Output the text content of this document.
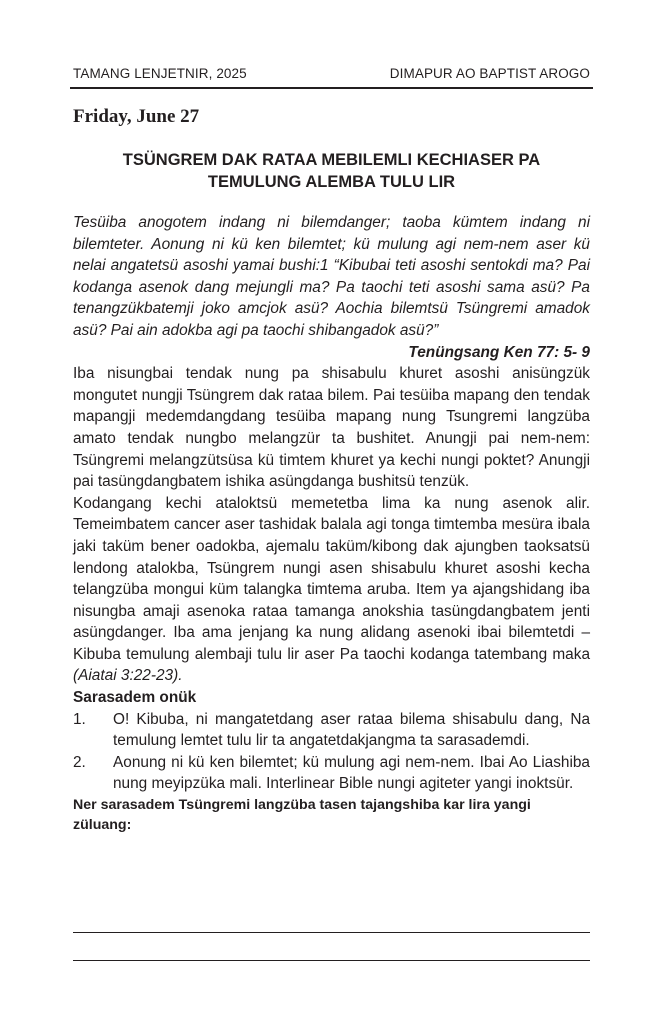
TAMANG LENJETNIR, 2025	DIMAPUR AO BAPTIST AROGO
Friday, June 27
TSÜNGREM DAK RATAA MEBILEMLI KECHIASER PA
TEMULUNG ALEMBA TULU LIR

Tesüiba anogotem indang ni bilemdanger; taoba kümtem indang ni bilemteter. Aonung ni kü ken bilemtet; kü mulung agi nem-nem aser kü nelai angatetsü asoshi yamai bushi:1 “Kibubai teti asoshi sentokdi ma? Pai kodanga asenok dang mejungli ma? Pa taochi teti asoshi sama asü? Pa tenangzükbatemji joko amcjok asü? Aochia bilemtsü Tsüngremi amadok asü? Pai ain adokba agi pa taochi shibangadok asü?”

Tenüngsang Ken 77: 5- 9

Iba nisungbai tendak nung pa shisabulu khuret asoshi anisüngzük mongutet nungji Tsüngrem dak rataa bilem. Pai tesüiba mapang den tendak mapangji medemdangdang tesüiba mapang nung Tsungremi langzüba amato tendak nungbo melangzür ta bushitet. Anungji pai nem-nem: Tsüngremi melangzütsüsa kü timtem khuret ya kechi nungi poktet? Anungji pai tasüngdangbatem ishika asüngdanga bushitsü tenzük.

Kodangang kechi ataloktsü memetetba lima ka nung asenok alir. Temeimbatem cancer aser tashidak balala agi tonga timtemba mesüra ibala jaki taküm bener oadokba, ajemalu taküm/kibong dak ajungben taoksatsü lendong atalokba, Tsüngrem nungi asen shisabulu khuret asoshi kecha telangzüba mongui küm talangka timtema aruba. Item ya ajangshidang iba nisungba amaji asenoka rataa tamanga anokshia tasüngdangbatem jenti asüngdanger. Iba ama jenjang ka nung alidang asenoki ibai bilemtetdi – Kibuba temulung alembaji tulu lir aser Pa taochi kodanga tatembang maka (Aiatai 3:22-23).

Sarasadem onük

1. O! Kibuba, ni mangatetdang aser rataa bilema shisabulu dang, Na temulung lemtet tulu lir ta angatetdakjangma ta sarasademdi.
2. Aonung ni kü ken bilemtet; kü mulung agi nem-nem. Ibai Ao Liashiba nung meyipzüka mali. Interlinear Bible nungi agiteter yangi inoktsür.

Ner sarasadem Tsüngremi langzüba tasen tajangshiba kar lira yangi züluang:
